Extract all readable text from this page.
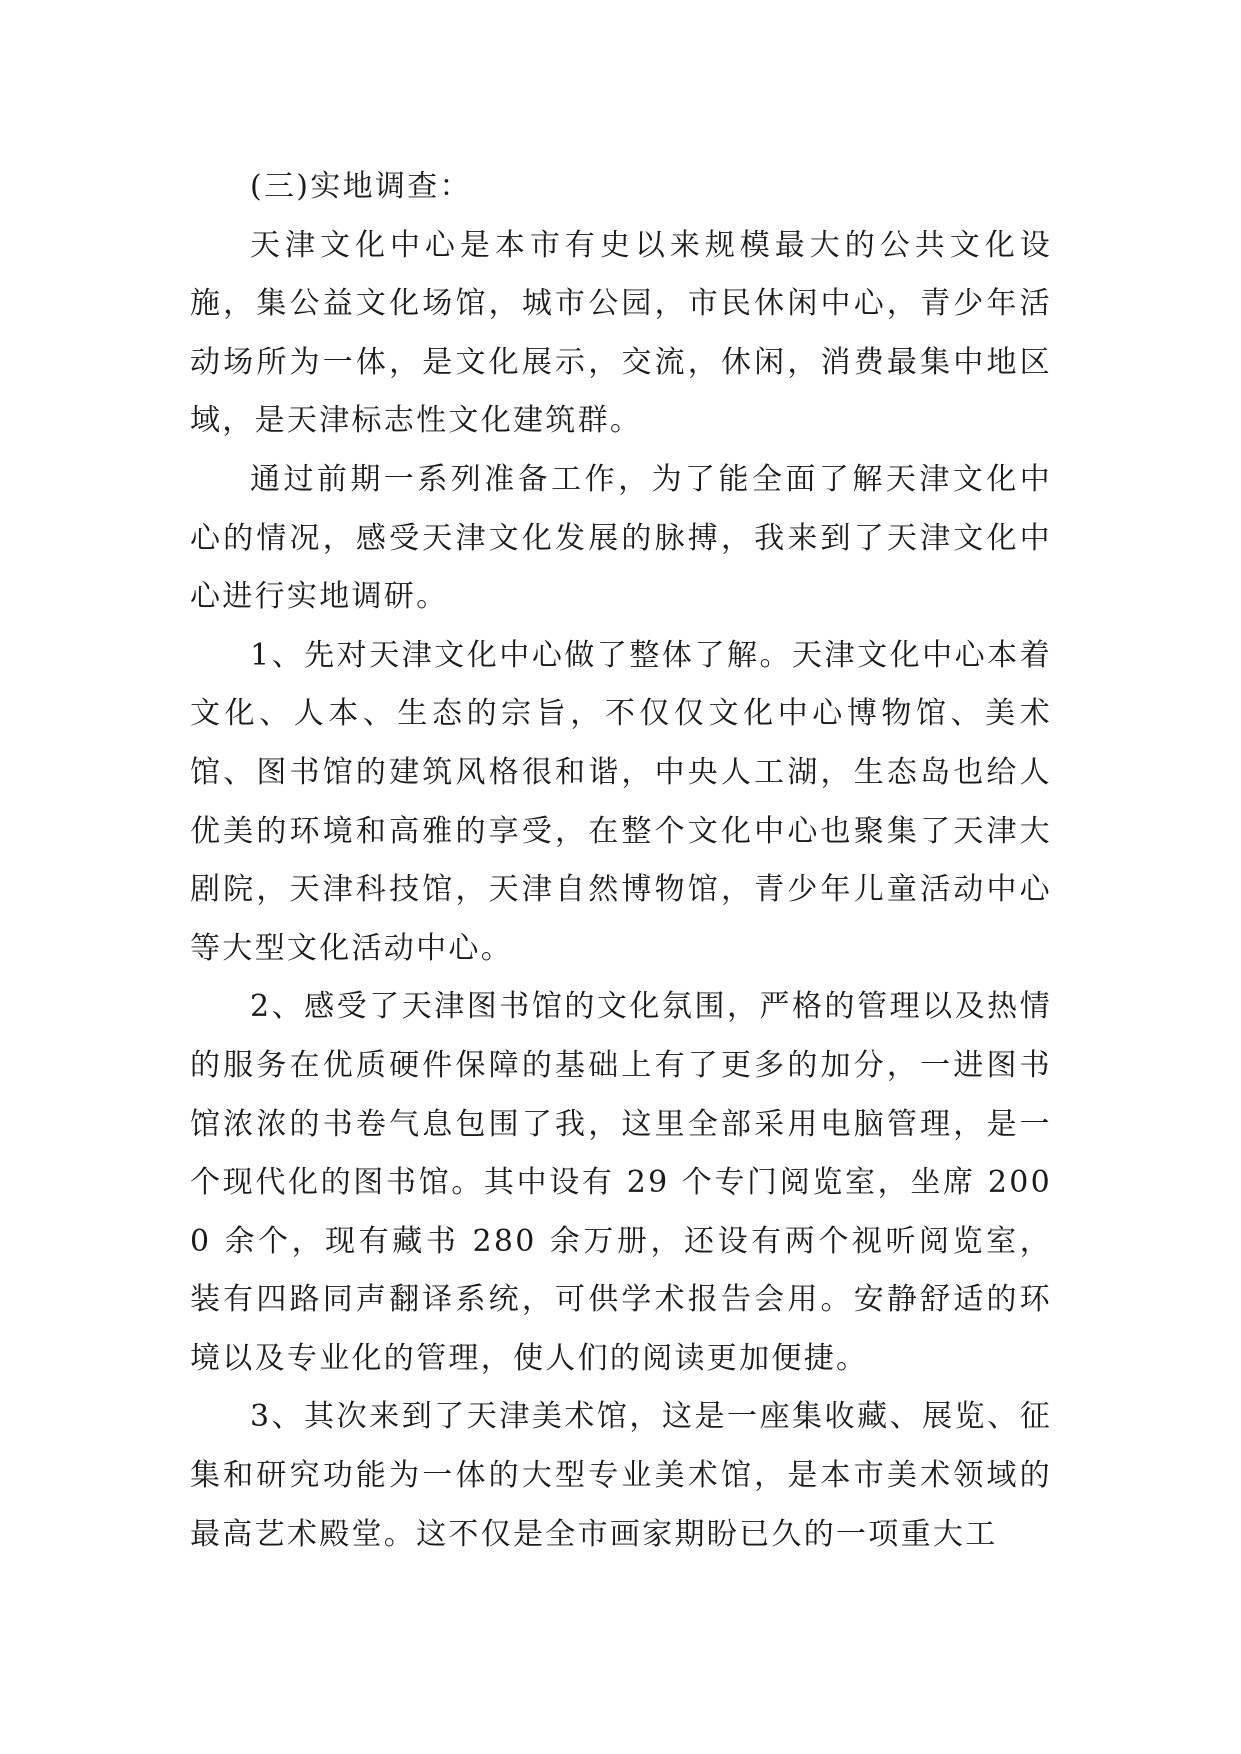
(三)实地调查：

天津文化中心是本市有史以来规模最大的公共文化设施，集公益文化场馆，城市公园，市民休闲中心，青少年活动场所为一体，是文化展示，交流，休闲，消费最集中地区域，是天津标志性文化建筑群。

通过前期一系列准备工作，为了能全面了解天津文化中心的情况，感受天津文化发展的脉搏，我来到了天津文化中心进行实地调研。

1、先对天津文化中心做了整体了解。天津文化中心本着文化、人本、生态的宗旨，不仅仅文化中心博物馆、美术馆、图书馆的建筑风格很和谐，中央人工湖，生态岛也给人优美的环境和高雅的享受，在整个文化中心也聚集了天津大剧院，天津科技馆，天津自然博物馆，青少年儿童活动中心等大型文化活动中心。

2、感受了天津图书馆的文化氛围，严格的管理以及热情的服务在优质硬件保障的基础上有了更多的加分，一进图书馆浓浓的书卷气息包围了我，这里全部采用电脑管理，是一个现代化的图书馆。其中设有 29 个专门阅览室，坐席 2000 余个，现有藏书 280 余万册，还设有两个视听阅览室，装有四路同声翻译系统，可供学术报告会用。安静舒适的环境以及专业化的管理，使人们的阅读更加便捷。

3、其次来到了天津美术馆，这是一座集收藏、展览、征集和研究功能为一体的大型专业美术馆，是本市美术领域的最高艺术殿堂。这不仅是全市画家期盼已久的一项重大工
